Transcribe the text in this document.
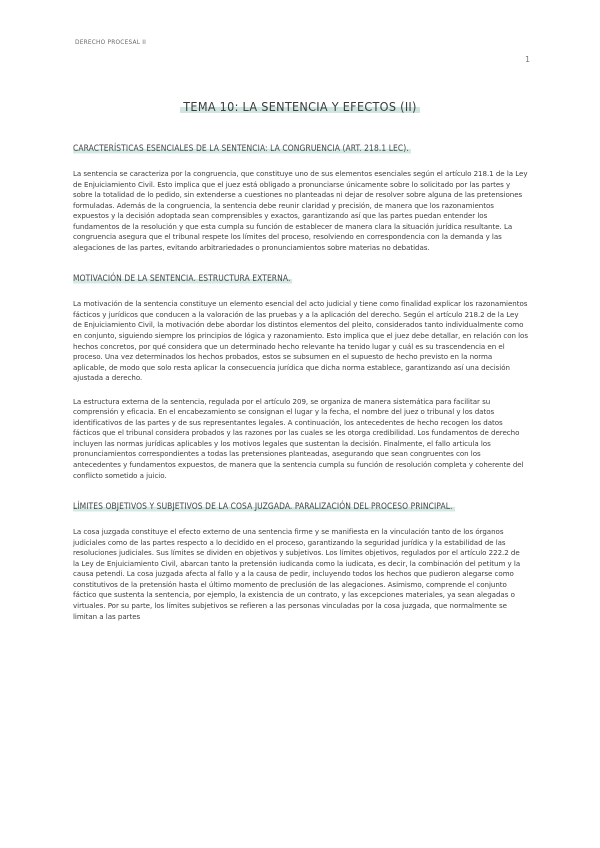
DERECHO PROCESAL II
1
TEMA 10: LA SENTENCIA Y EFECTOS (II)
CARACTERÍSTICAS ESENCIALES DE LA SENTENCIA: LA CONGRUENCIA (ART. 218.1 LEC).

La sentencia se caracteriza por la congruencia, que constituye uno de sus elementos esenciales según el artículo 218.1 de la Ley de Enjuiciamiento Civil. Esto implica que el juez está obligado a pronunciarse únicamente sobre lo solicitado por las partes y sobre la totalidad de lo pedido, sin extenderse a cuestiones no planteadas ni dejar de resolver sobre alguna de las pretensiones formuladas. Además de la congruencia, la sentencia debe reunir claridad y precisión, de manera que los razonamientos expuestos y la decisión adoptada sean comprensibles y exactos, garantizando así que las partes puedan entender los fundamentos de la resolución y que esta cumpla su función de establecer de manera clara la situación jurídica resultante. La congruencia asegura que el tribunal respete los límites del proceso, resolviendo en correspondencia con la demanda y las alegaciones de las partes, evitando arbitrariedades o pronunciamientos sobre materias no debatidas.

MOTIVACIÓN DE LA SENTENCIA. ESTRUCTURA EXTERNA.

La motivación de la sentencia constituye un elemento esencial del acto judicial y tiene como finalidad explicar los razonamientos fácticos y jurídicos que conducen a la valoración de las pruebas y a la aplicación del derecho. Según el artículo 218.2 de la Ley de Enjuiciamiento Civil, la motivación debe abordar los distintos elementos del pleito, considerados tanto individualmente como en conjunto, siguiendo siempre los principios de lógica y razonamiento. Esto implica que el juez debe detallar, en relación con los hechos concretos, por qué considera que un determinado hecho relevante ha tenido lugar y cuál es su trascendencia en el proceso. Una vez determinados los hechos probados, estos se subsumen en el supuesto de hecho previsto en la norma aplicable, de modo que solo resta aplicar la consecuencia jurídica que dicha norma establece, garantizando así una decisión ajustada a derecho.

La estructura externa de la sentencia, regulada por el artículo 209, se organiza de manera sistemática para facilitar su comprensión y eficacia. En el encabezamiento se consignan el lugar y la fecha, el nombre del juez o tribunal y los datos identificativos de las partes y de sus representantes legales. A continuación, los antecedentes de hecho recogen los datos fácticos que el tribunal considera probados y las razones por las cuales se les otorga credibilidad. Los fundamentos de derecho incluyen las normas jurídicas aplicables y los motivos legales que sustentan la decisión. Finalmente, el fallo articula los pronunciamientos correspondientes a todas las pretensiones planteadas, asegurando que sean congruentes con los antecedentes y fundamentos expuestos, de manera que la sentencia cumpla su función de resolución completa y coherente del conflicto sometido a juicio.

LÍMITES OBJETIVOS Y SUBJETIVOS DE LA COSA JUZGADA. PARALIZACIÓN DEL PROCESO PRINCIPAL.

La cosa juzgada constituye el efecto externo de una sentencia firme y se manifiesta en la vinculación tanto de los órganos judiciales como de las partes respecto a lo decidido en el proceso, garantizando la seguridad jurídica y la estabilidad de las resoluciones judiciales. Sus límites se dividen en objetivos y subjetivos. Los límites objetivos, regulados por el artículo 222.2 de la Ley de Enjuiciamiento Civil, abarcan tanto la pretensión iudicanda como la iudicata, es decir, la combinación del petitum y la causa petendi. La cosa juzgada afecta al fallo y a la causa de pedir, incluyendo todos los hechos que pudieron alegarse como constitutivos de la pretensión hasta el último momento de preclusión de las alegaciones. Asimismo, comprende el conjunto fáctico que sustenta la sentencia, por ejemplo, la existencia de un contrato, y las excepciones materiales, ya sean alegadas o virtuales. Por su parte, los límites subjetivos se refieren a las personas vinculadas por la cosa juzgada, que normalmente se limitan a las partes
